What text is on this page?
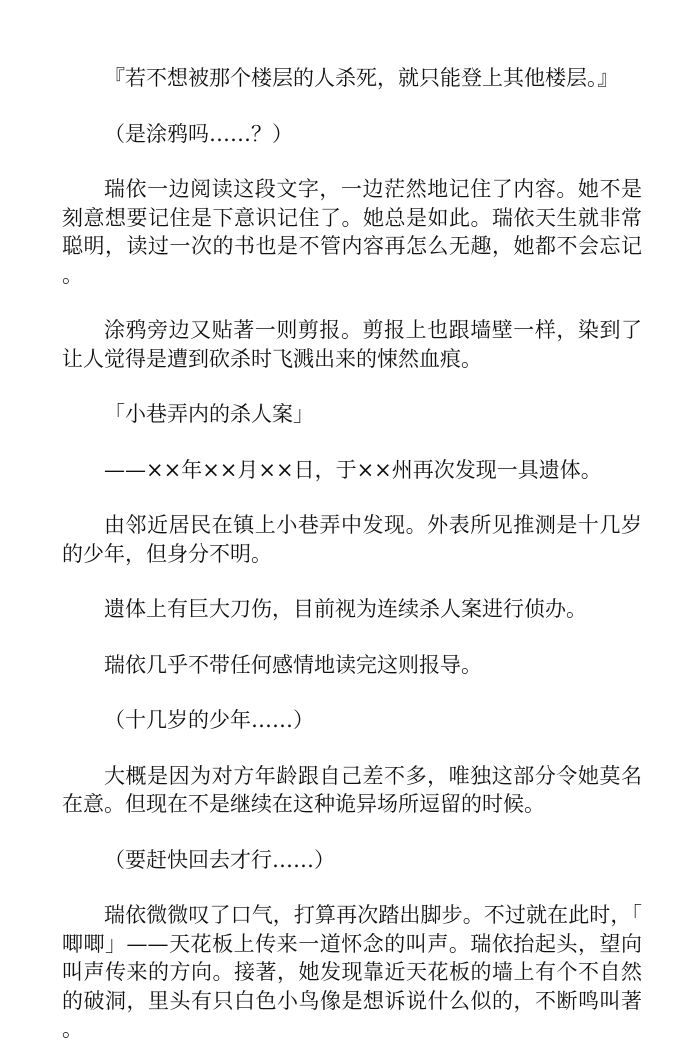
『若不想被那个楼层的人杀死，就只能登上其他楼层。』

（是涂鸦吗……？）

瑞依一边阅读这段文字，一边茫然地记住了内容。她不是刻意想要记住是下意识记住了。她总是如此。瑞依天生就非常聪明，读过一次的书也是不管内容再怎么无趣，她都不会忘记。

涂鸦旁边又贴著一则剪报。剪报上也跟墙壁一样，染到了让人觉得是遭到砍杀时飞溅出来的悚然血痕。

「小巷弄内的杀人案」

——××年××月××日，于××州再次发现一具遗体。

由邻近居民在镇上小巷弄中发现。外表所见推测是十几岁的少年，但身分不明。

遗体上有巨大刀伤，目前视为连续杀人案进行侦办。

瑞依几乎不带任何感情地读完这则报导。

（十几岁的少年……）

大概是因为对方年龄跟自己差不多，唯独这部分令她莫名在意。但现在不是继续在这种诡异场所逗留的时候。

（要赶快回去才行……）

瑞依微微叹了口气，打算再次踏出脚步。不过就在此时，「唧唧」——天花板上传来一道怀念的叫声。瑞依抬起头，望向叫声传来的方向。接著，她发现靠近天花板的墙上有个不自然的破洞，里头有只白色小鸟像是想诉说什么似的，不断鸣叫著。
